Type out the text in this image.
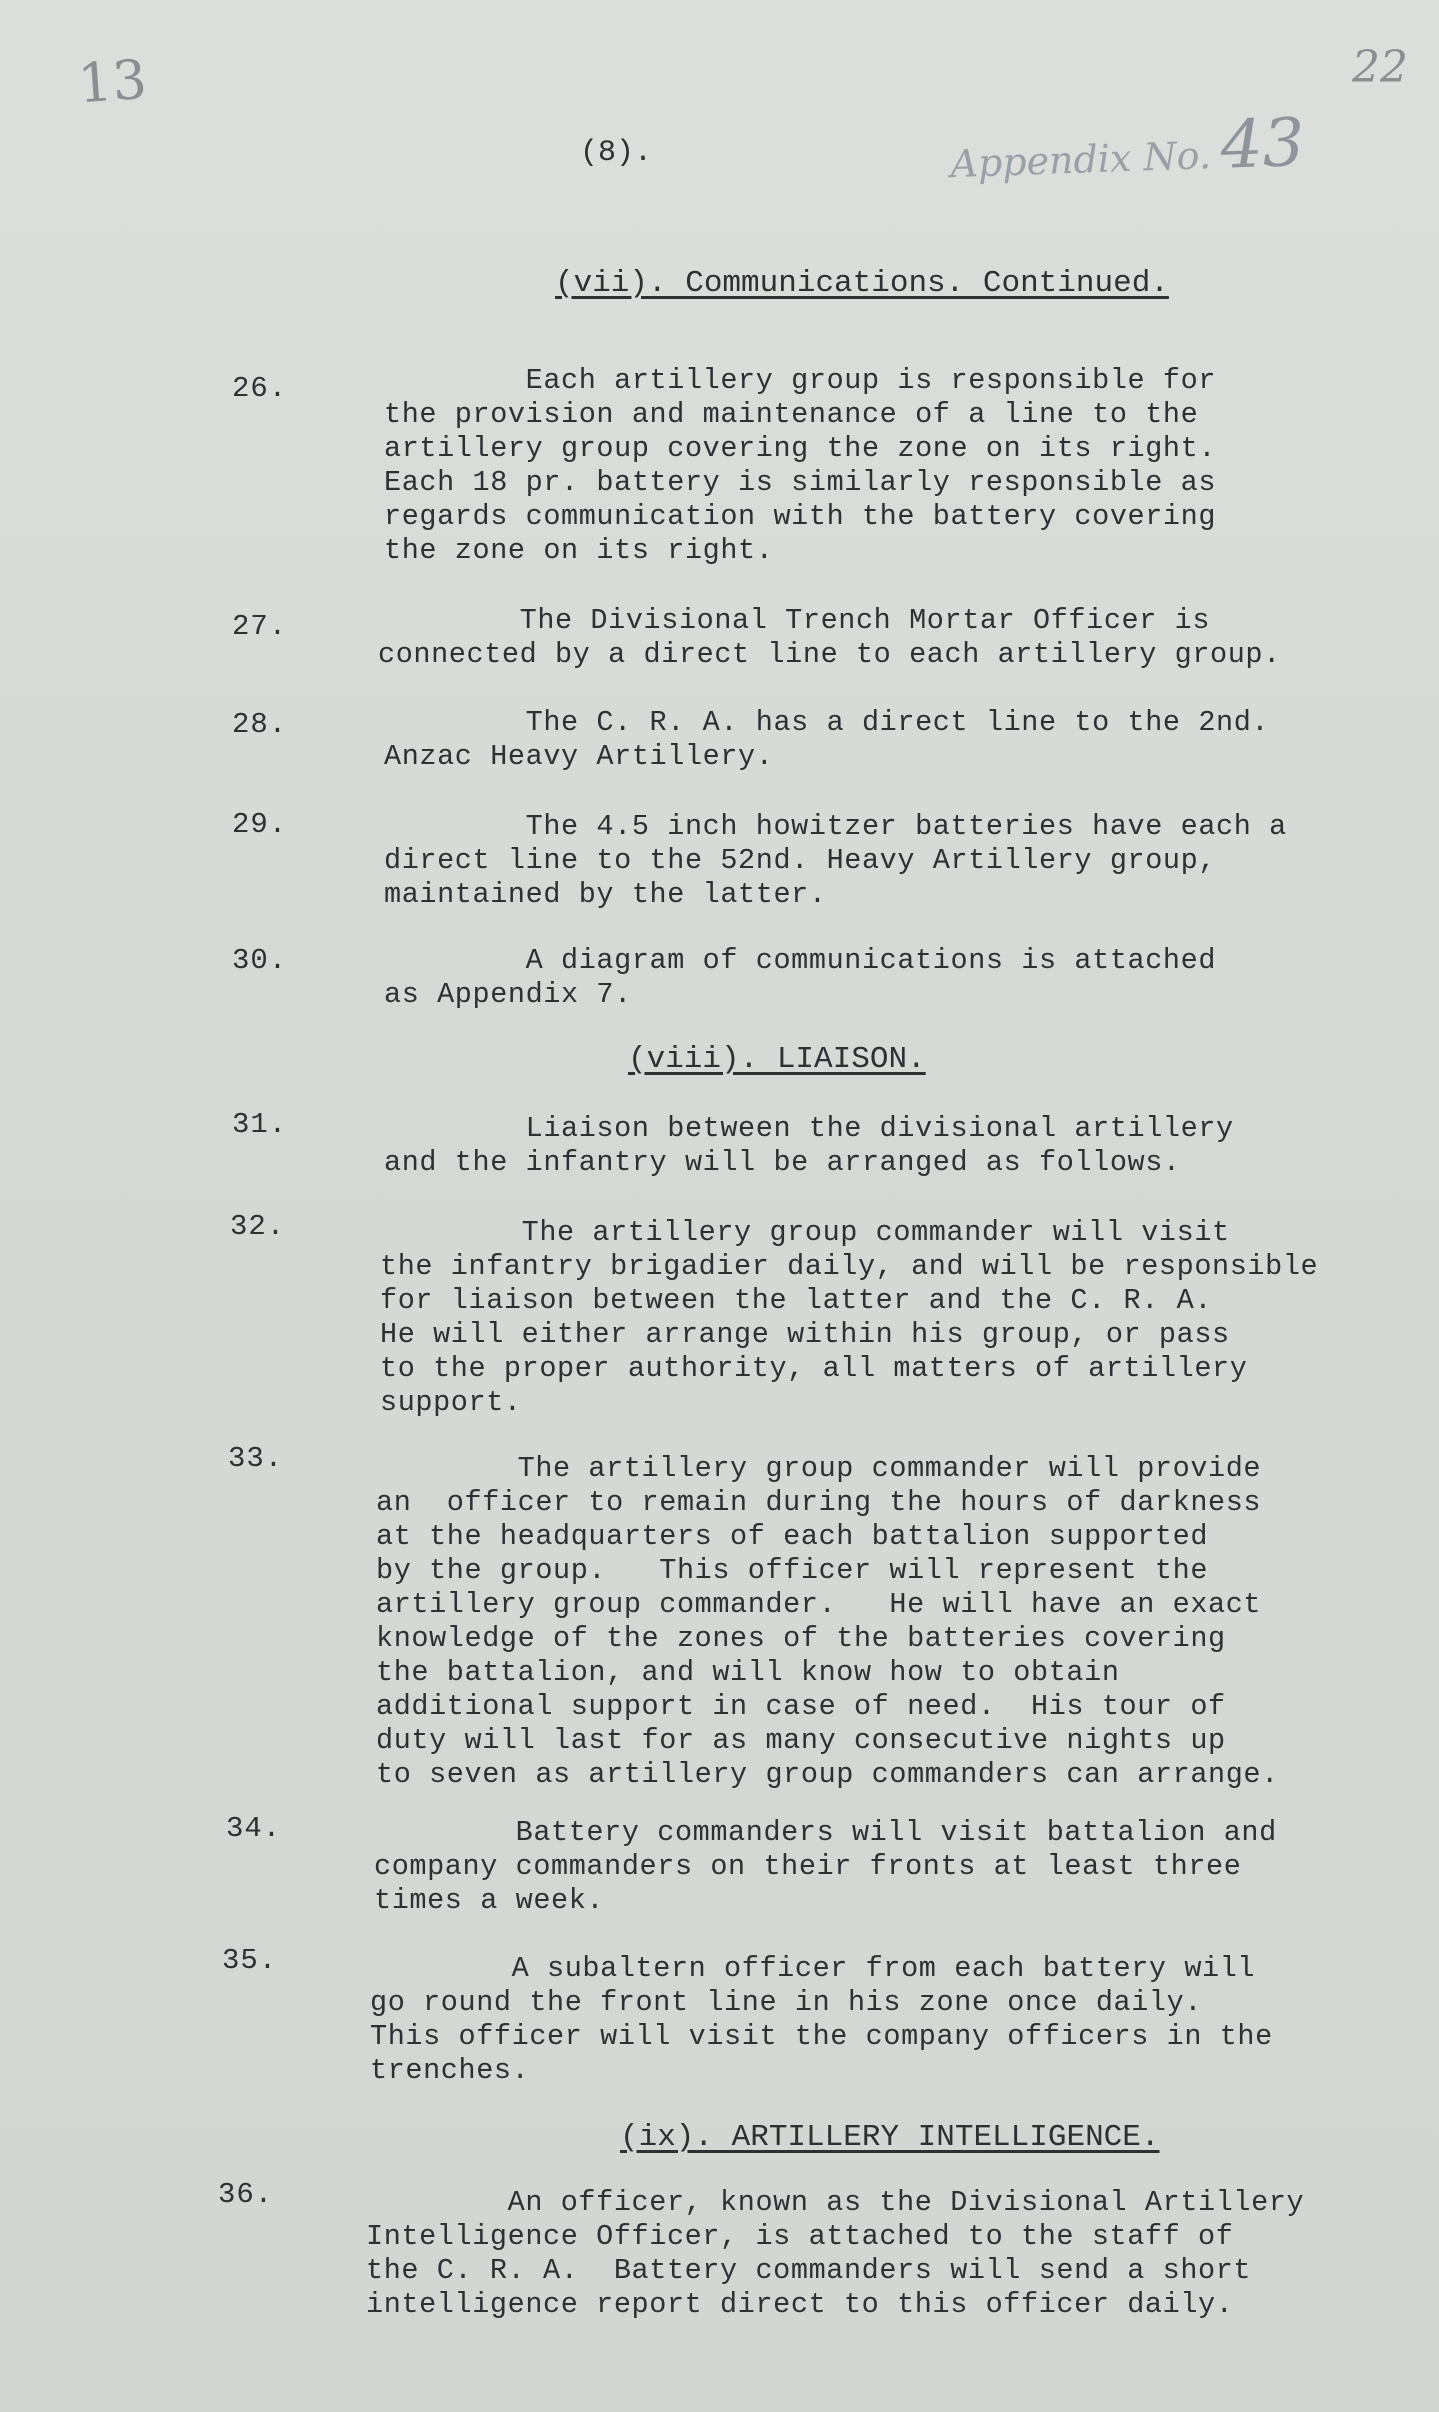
13	22
Appendix No. 43
(8).
(vii). Communications. Continued.
26.	Each artillery group is responsible for
the provision and maintenance of a line to the
artillery group covering the zone on its right.
Each 18 pr. battery is similarly responsible as
regards communication with the battery covering
the zone on its right.
27.	The Divisional Trench Mortar Officer is
connected by a direct line to each artillery group.
28.	The C. R. A. has a direct line to the 2nd.
Anzac Heavy Artillery.
29.	The 4.5 inch howitzer batteries have each a
direct line to the 52nd. Heavy Artillery group,
maintained by the latter.
30.	A diagram of communications is attached
as Appendix 7.
(viii). LIAISON.
31.	Liaison between the divisional artillery
and the infantry will be arranged as follows.
32.	The artillery group commander will visit
the infantry brigadier daily, and will be responsible
for liaison between the latter and the C. R. A.
He will either arrange within his group, or pass
to the proper authority, all matters of artillery
support.
33.	The artillery group commander will provide
an  officer to remain during the hours of darkness
at the headquarters of each battalion supported
by the group.   This officer will represent the
artillery group commander.   He will have an exact
knowledge of the zones of the batteries covering
the battalion, and will know how to obtain
additional support in case of need.  His tour of
duty will last for as many consecutive nights up
to seven as artillery group commanders can arrange.
34.	Battery commanders will visit battalion and
company commanders on their fronts at least three
times a week.
35.	A subaltern officer from each battery will
go round the front line in his zone once daily.
This officer will visit the company officers in the
trenches.
(ix). ARTILLERY INTELLIGENCE.
36.	An officer, known as the Divisional Artillery
Intelligence Officer, is attached to the staff of
the C. R. A.  Battery commanders will send a short
intelligence report direct to this officer daily.
